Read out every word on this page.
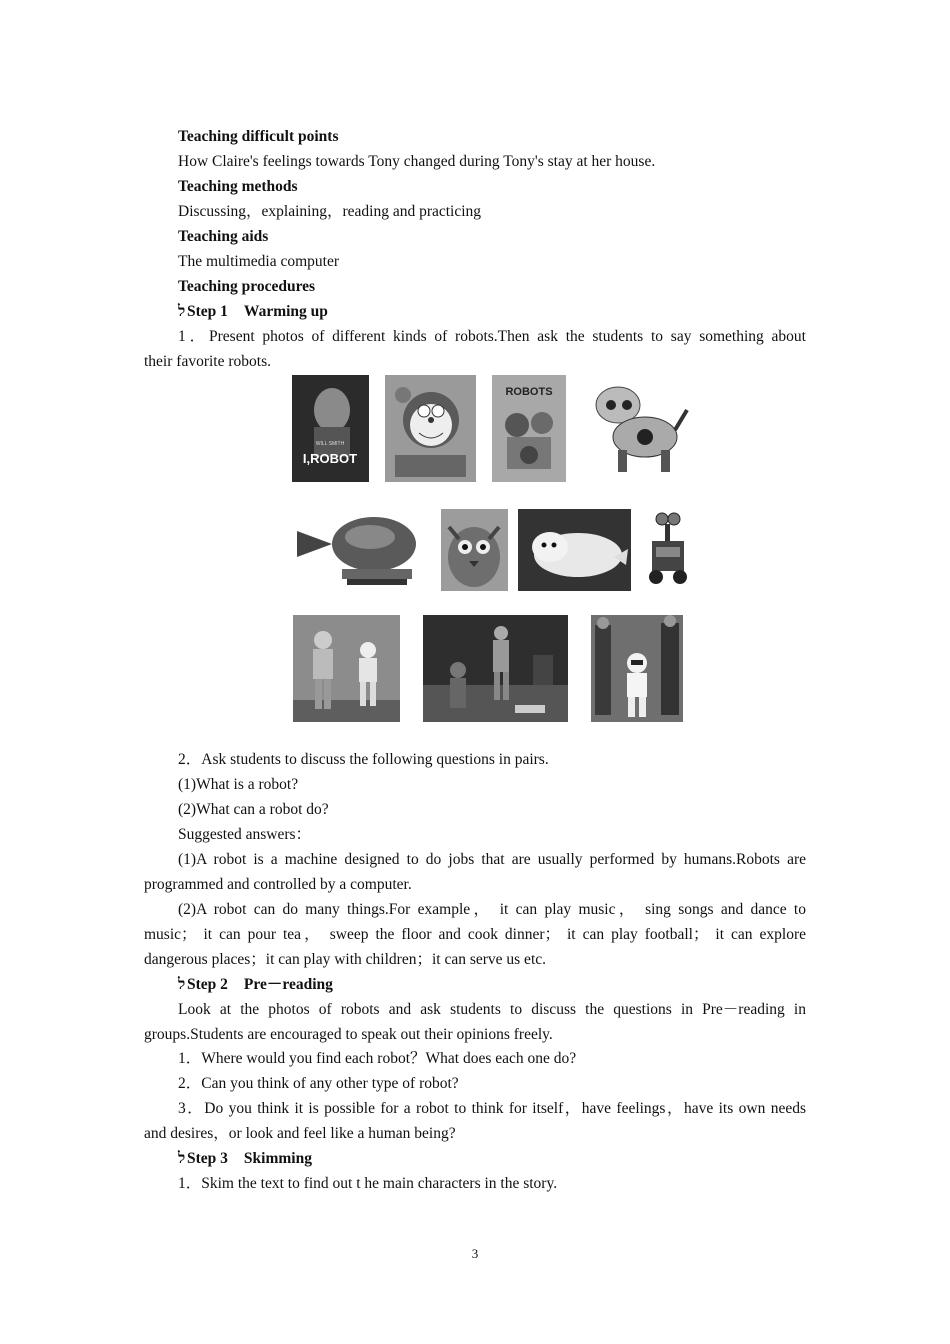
Teaching difficult points
How Claire's feelings towards Tony changed during Tony's stay at her house.
Teaching methods
Discussing，explaining，reading and practicing
Teaching aids
The multimedia computer
Teaching procedures
ל Step 1 Warming up
1．Present photos of different kinds of robots.Then ask the students to say something about
their favorite robots.
WILL SMITH
I,ROBOT
ROBOTS
2．Ask students to discuss the following questions in pairs.
(1)What is a robot?
(2)What can a robot do?
Suggested answers：
(1)A robot is a machine designed to do jobs that are usually performed by humans.Robots are
programmed and controlled by a computer.
(2)A robot can do many things.For example， it can play music， sing songs and dance to
music； it can pour tea， sweep the floor and cook dinner； it can play football； it can explore
dangerous places；it can play with children；it can serve us etc.
ל Step 2 Pre－reading
Look at the photos of robots and ask students to discuss the questions in Pre－reading in
groups.Students are encouraged to speak out their opinions freely.
1．Where would you find each robot？What does each one do?
2．Can you think of any other type of robot?
3．Do you think it is possible for a robot to think for itself，have feelings，have its own needs
and desires，or look and feel like a human being?
ל Step 3 Skimming
1．Skim the text to find out t he main characters in the story.
3
